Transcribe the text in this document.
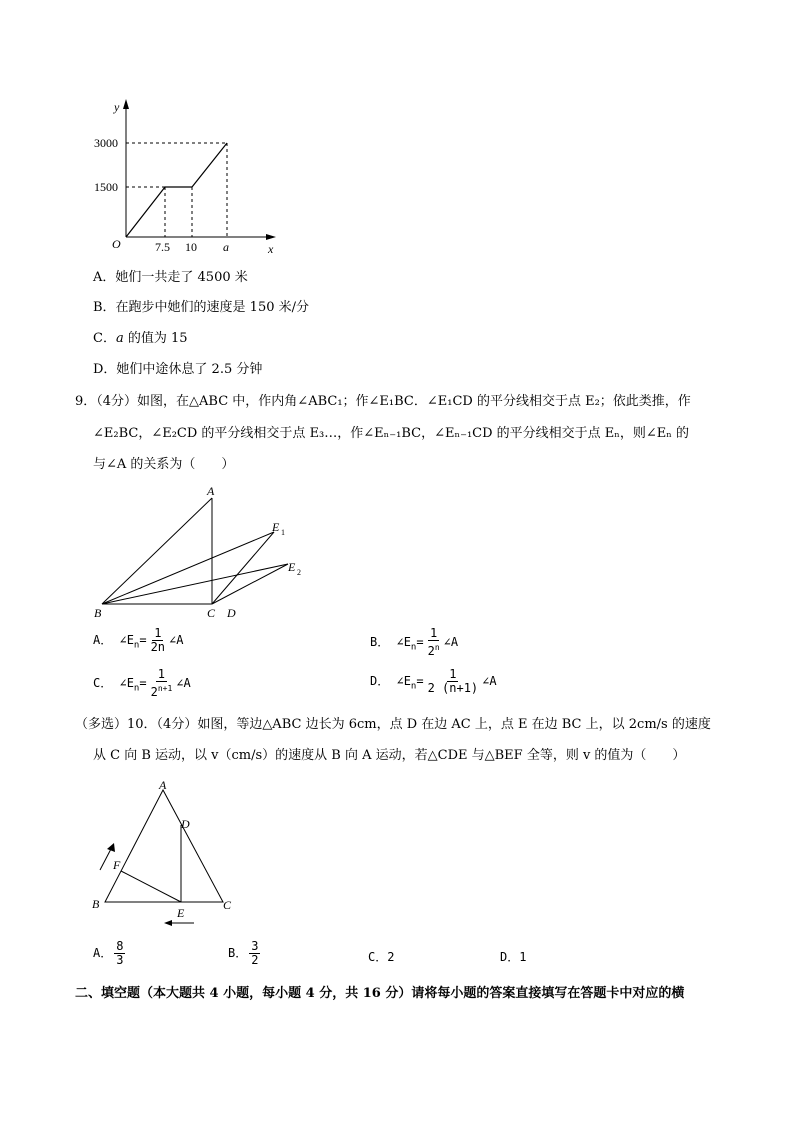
y
x
O
3000
1500
7.5 10 a
A．她们一共走了 4500 米
B．在跑步中她们的速度是 150 米/分
C．a 的值为 15
D．她们中途休息了 2.5 分钟
9．（4分）如图，在△ABC 中，作内角∠ABC₁；作∠E₁BC．∠E₁CD 的平分线相交于点 E₂；依此类推，作
∠E₂BC，∠E₂CD 的平分线相交于点 E₃…，作∠Eₙ₋₁BC，∠Eₙ₋₁CD 的平分线相交于点 Eₙ，则∠Eₙ 的
与∠A 的关系为（　　）
A
B	C D
E 1
E 2
A． $\angle E_n= \frac{1}{2n}$ ∠A	B． $\angle E_n= \frac{1}{2^n}$ ∠A
C． $\angle E_n= \frac{1}{2^{n+1}}$ ∠A	D． $\angle E_n= \frac{1}{2 (n+1)}$ ∠A
（多选）10．（4分）如图，等边△ABC 边长为 6cm，点 D 在边 AC 上，点 E 在边 BC 上，以 2cm/s 的速度
从 C 向 B 运动，以 v（cm/s）的速度从 B 向 A 运动，若△CDE 与△BEF 全等，则 v 的值为（　　）
A
B	C
D
E
F
A． $\frac{8}{3}$	B． $\frac{3}{2}$	C．2	D．1
二、填空题（本大题共 4 小题，每小题 4 分，共 16 分）请将每小题的答案直接填写在答题卡中对应的横
